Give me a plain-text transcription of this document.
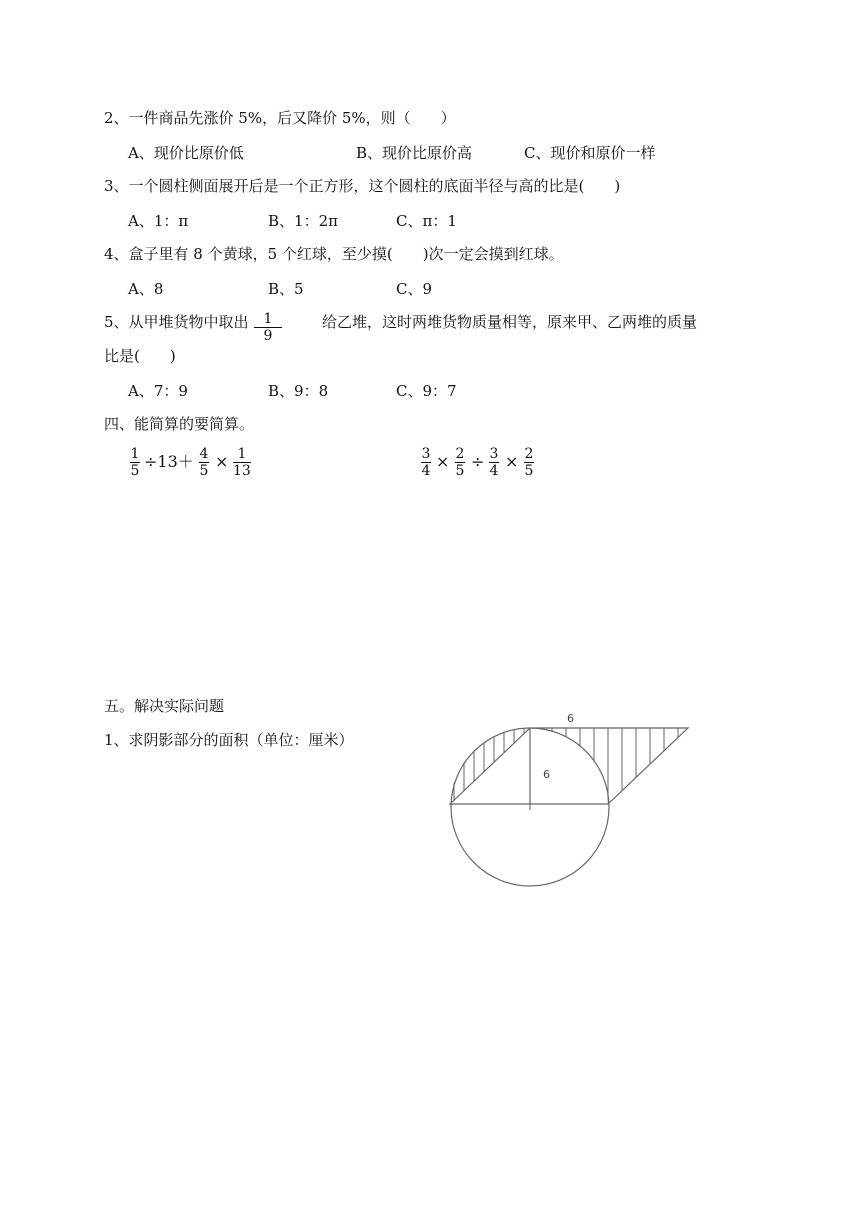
2、一件商品先涨价 5%，后又降价 5%，则（　　）
A、现价比原价低	B、现价比原价高	C、现价和原价一样
3、一个圆柱侧面展开后是一个正方形，这个圆柱的底面半径与高的比是(　　)
A、1：π	B、1：2π	C、π：1
4、盒子里有 8 个黄球，5 个红球，至少摸(　　)次一定会摸到红球。
A、8	B、5	C、9
5、从甲堆货物中取出 1
9
给乙堆，这时两堆货物质量相等，原来甲、乙两堆的质量
比是(　　)
A、7：9	B、9：8	C、9：7
四、能简算的要简算。
1
5 ÷13＋ 4
5 × 1
13
3
4 × 2
5 ÷ 3
4 × 2
5
五。解决实际问题
1、求阴影部分的面积（单位：厘米）
6
6
